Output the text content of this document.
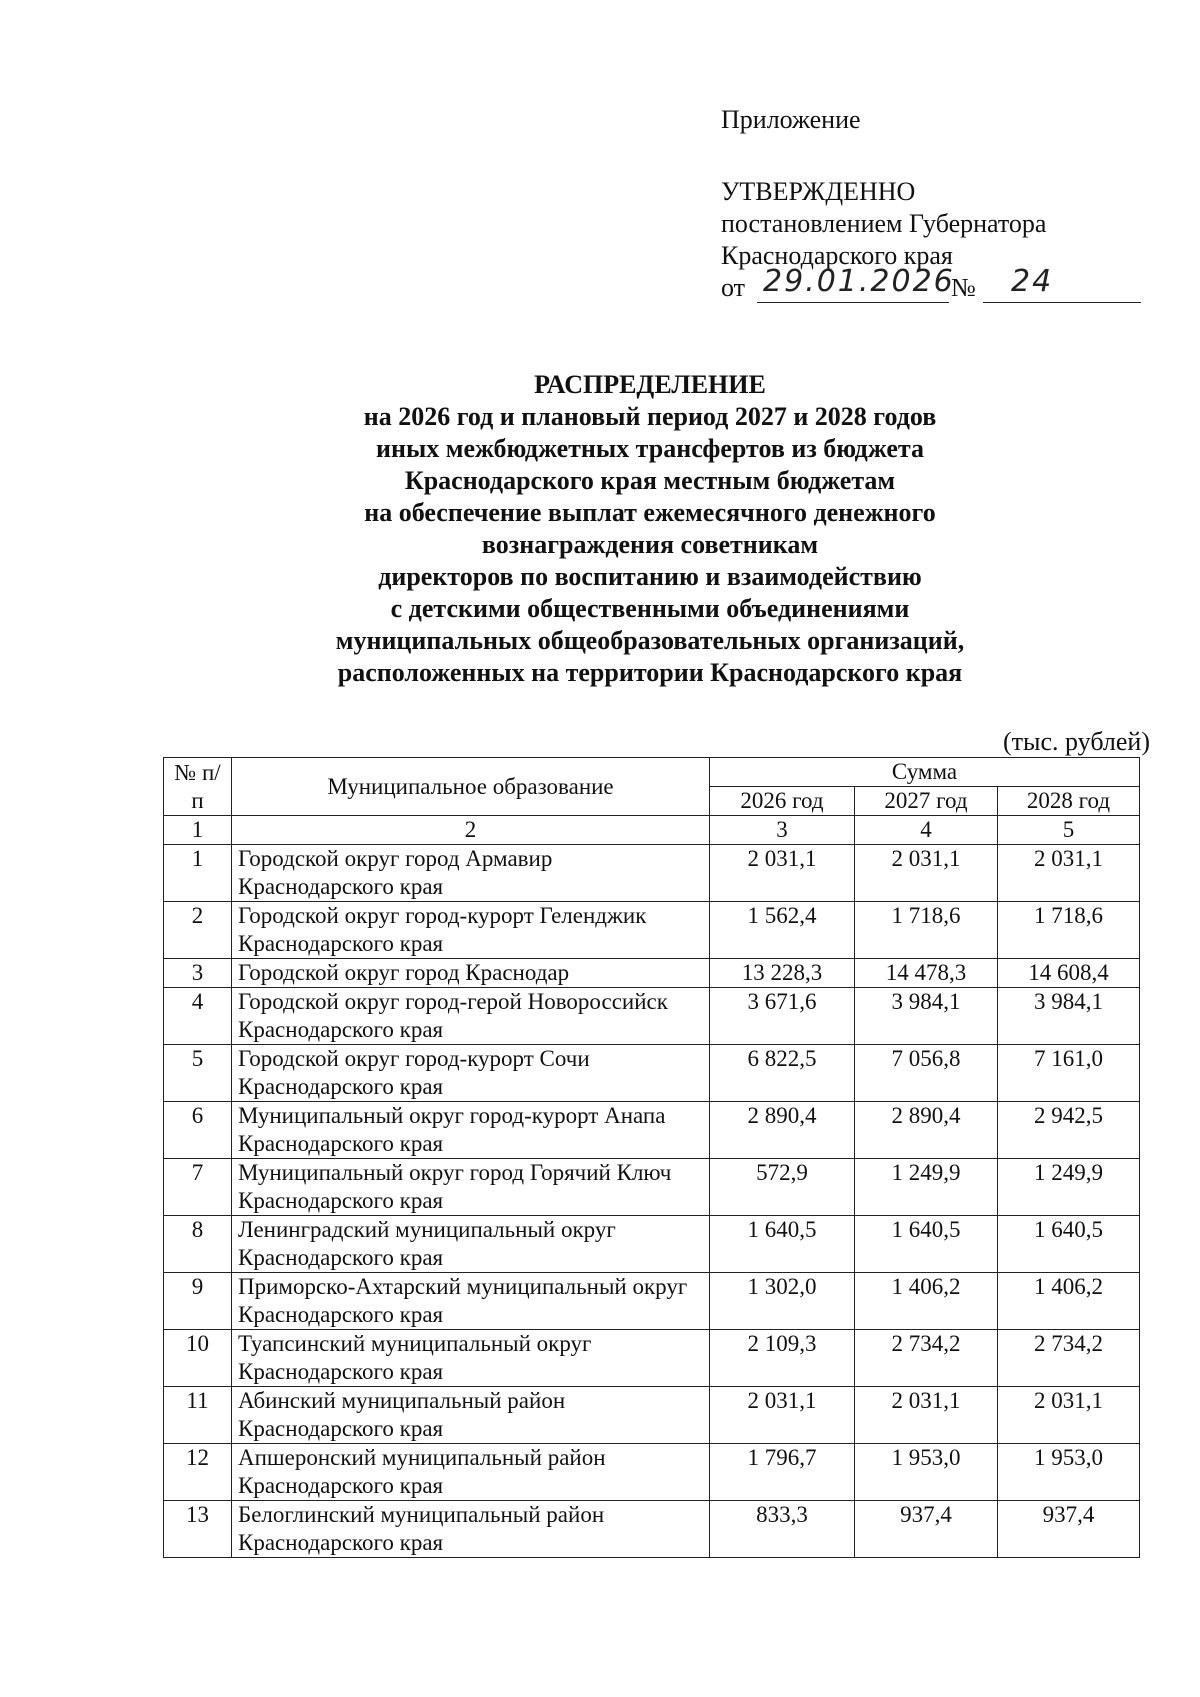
Приложение
УТВЕРЖДЕННО
постановлением Губернатора
Краснодарского края
от 29.01.2026
№ 24
РАСПРЕДЕЛЕНИЕ
на 2026 год и плановый период 2027 и 2028 годов
иных межбюджетных трансфертов из бюджета
Краснодарского края местным бюджетам
на обеспечение выплат ежемесячного денежного
вознаграждения советникам
директоров по воспитанию и взаимодействию
с детскими общественными объединениями
муниципальных общеобразовательных организаций,
расположенных на территории Краснодарского края
(тыс. рублей)
№ п/п	Муниципальное образование	Сумма		
		2026 год	2027 год	2028 год
1	2	3	4	5
1	Городской округ город Армавир Краснодарского края	2 031,1	2 031,1	2 031,1
2	Городской округ город-курорт Геленджик Краснодарского края	1 562,4	1 718,6	1 718,6
3	Городской округ город Краснодар	13 228,3	14 478,3	14 608,4
4	Городской округ город-герой Новороссийск Краснодарского края	3 671,6	3 984,1	3 984,1
5	Городской округ город-курорт Сочи Краснодарского края	6 822,5	7 056,8	7 161,0
6	Муниципальный округ город-курорт Анапа Краснодарского края	2 890,4	2 890,4	2 942,5
7	Муниципальный округ город Горячий Ключ Краснодарского края	572,9	1 249,9	1 249,9
8	Ленинградский муниципальный округ Краснодарского края	1 640,5	1 640,5	1 640,5
9	Приморско-Ахтарский муниципальный округ Краснодарского края	1 302,0	1 406,2	1 406,2
10	Туапсинский муниципальный округ Краснодарского края	2 109,3	2 734,2	2 734,2
11	Абинский муниципальный район Краснодарского края	2 031,1	2 031,1	2 031,1
12	Апшеронский муниципальный район Краснодарского края	1 796,7	1 953,0	1 953,0
13	Белоглинский муниципальный район Краснодарского края	833,3	937,4	937,4
